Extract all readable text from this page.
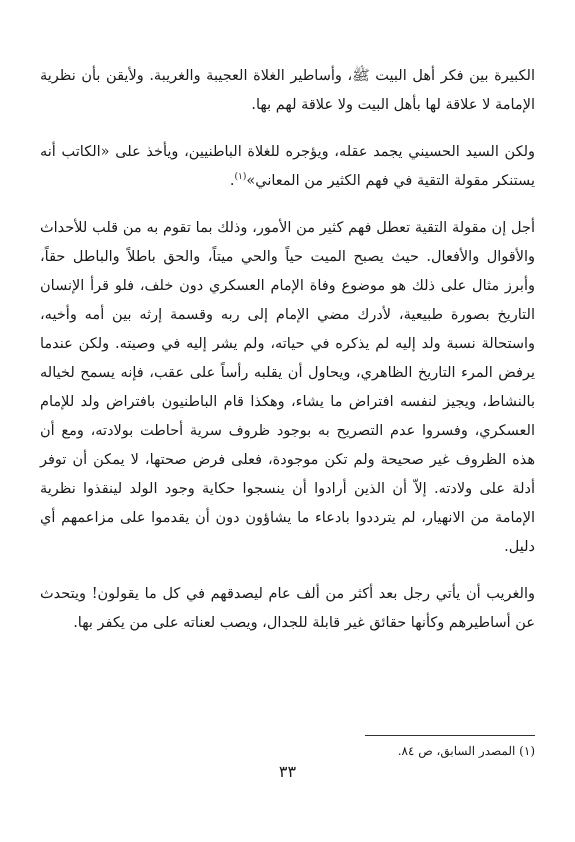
الكبيرة بين فكر أهل البيت ﷺ، وأساطير الغلاة العجيبة والغريبة. ولأيقن بأن نظرية الإمامة لا علاقة لها بأهل البيت ولا علاقة لهم بها.

ولكن السيد الحسيني يجمد عقله، ويؤجره للغلاة الباطنيين، ويأخذ على «الكاتب أنه يستنكر مقولة التقية في فهم الكثير من المعاني»$^{(١)}$.

أجل إن مقولة التقية تعطل فهم كثير من الأمور، وذلك بما تقوم به من قلب للأحداث والأقوال والأفعال. حيث يصبح الميت حياً والحي ميتاً، والحق باطلاً والباطل حقاً، وأبرز مثال على ذلك هو موضوع وفاة الإمام العسكري دون خلف، فلو قرأ الإنسان التاريخ بصورة طبيعية، لأدرك مضي الإمام إلى ربه وقسمة إرثه بين أمه وأخيه، واستحالة نسبة ولد إليه لم يذكره في حياته، ولم يشر إليه في وصيته. ولكن عندما يرفض المرء التاريخ الظاهري، ويحاول أن يقلبه رأساً على عقب، فإنه يسمح لخياله بالنشاط، ويجيز لنفسه افتراض ما يشاء، وهكذا قام الباطنيون بافتراض ولد للإمام العسكري، وفسروا عدم التصريح به بوجود ظروف سرية أحاطت بولادته، ومع أن هذه الظروف غير صحيحة ولم تكن موجودة، فعلى فرض صحتها، لا يمكن أن توفر أدلة على ولادته. إلاّ أن الذين أرادوا أن ينسجوا حكاية وجود الولد لينقذوا نظرية الإمامة من الانهيار، لم يترددوا بادعاء ما يشاؤون دون أن يقدموا على مزاعمهم أي دليل.

والغريب أن يأتي رجل بعد أكثر من ألف عام ليصدقهم في كل ما يقولون! ويتحدث عن أساطيرهم وكأنها حقائق غير قابلة للجدال، ويصب لعناته على من يكفر بها.

(١) المصدر السابق، ص ٨٤.
٣٣
